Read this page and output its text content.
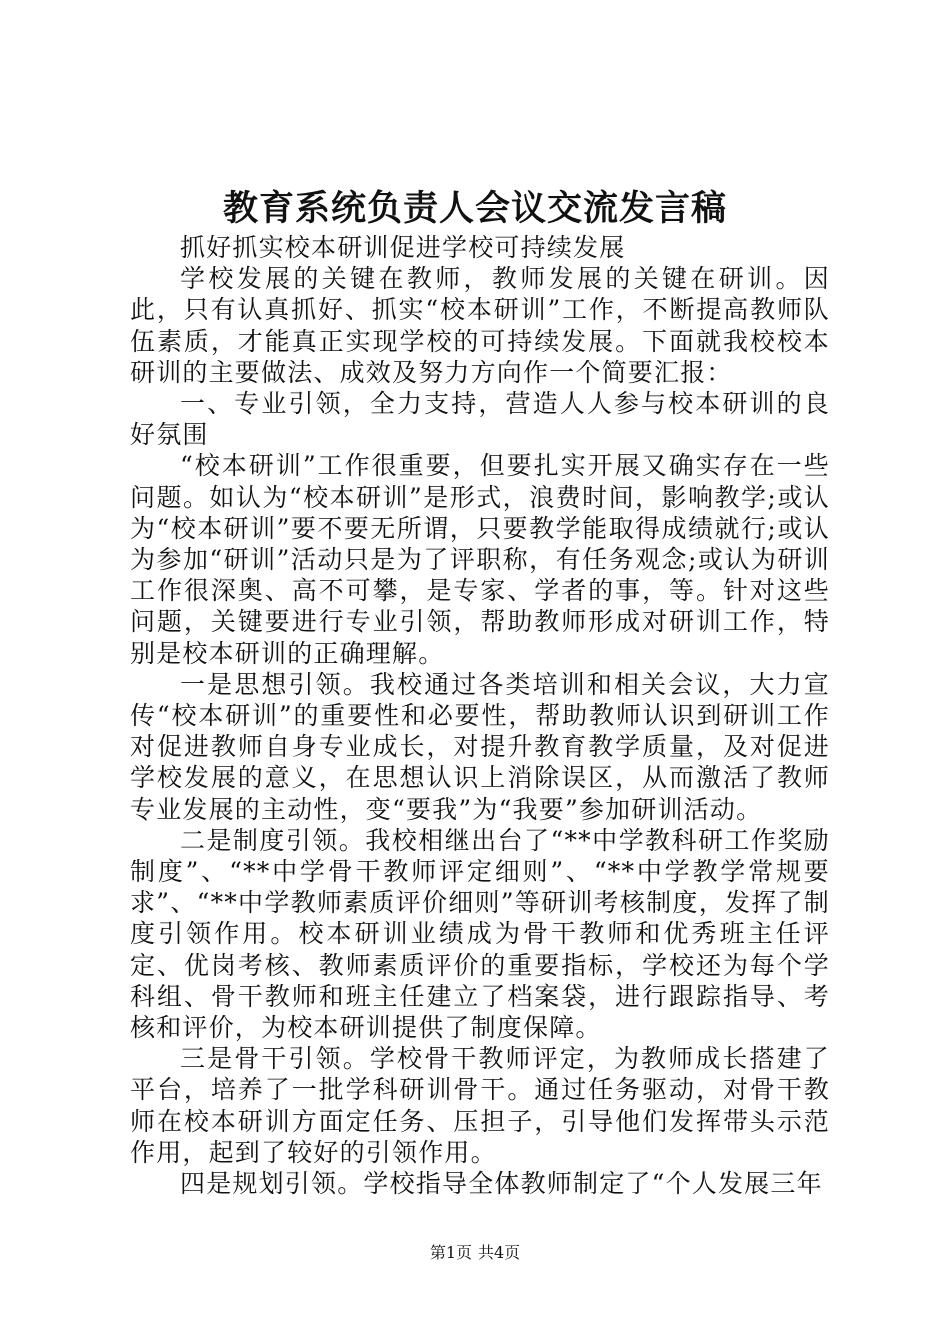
教育系统负责人会议交流发言稿

抓好抓实校本研训促进学校可持续发展

学校发展的关键在教师，教师发展的关键在研训。因此，只有认真抓好、抓实“校本研训”工作，不断提高教师队伍素质，才能真正实现学校的可持续发展。下面就我校校本研训的主要做法、成效及努力方向作一个简要汇报：

一、专业引领，全力支持，营造人人参与校本研训的良好氛围

“校本研训”工作很重要，但要扎实开展又确实存在一些问题。如认为“校本研训”是形式，浪费时间，影响教学;或认为“校本研训”要不要无所谓，只要教学能取得成绩就行;或认为参加“研训”活动只是为了评职称，有任务观念;或认为研训工作很深奥、高不可攀，是专家、学者的事，等。针对这些问题，关键要进行专业引领，帮助教师形成对研训工作，特别是校本研训的正确理解。

一是思想引领。我校通过各类培训和相关会议，大力宣传“校本研训”的重要性和必要性，帮助教师认识到研训工作对促进教师自身专业成长，对提升教育教学质量，及对促进学校发展的意义，在思想认识上消除误区，从而激活了教师专业发展的主动性，变“要我”为“我要”参加研训活动。

二是制度引领。我校相继出台了“**中学教科研工作奖励制度”、“**中学骨干教师评定细则”、“**中学教学常规要求”、“**中学教师素质评价细则”等研训考核制度，发挥了制度引领作用。校本研训业绩成为骨干教师和优秀班主任评定、优岗考核、教师素质评价的重要指标，学校还为每个学科组、骨干教师和班主任建立了档案袋，进行跟踪指导、考核和评价，为校本研训提供了制度保障。

三是骨干引领。学校骨干教师评定，为教师成长搭建了平台，培养了一批学科研训骨干。通过任务驱动，对骨干教师在校本研训方面定任务、压担子，引导他们发挥带头示范作用，起到了较好的引领作用。

四是规划引领。学校指导全体教师制定了“个人发展三年

第1页 共4页
